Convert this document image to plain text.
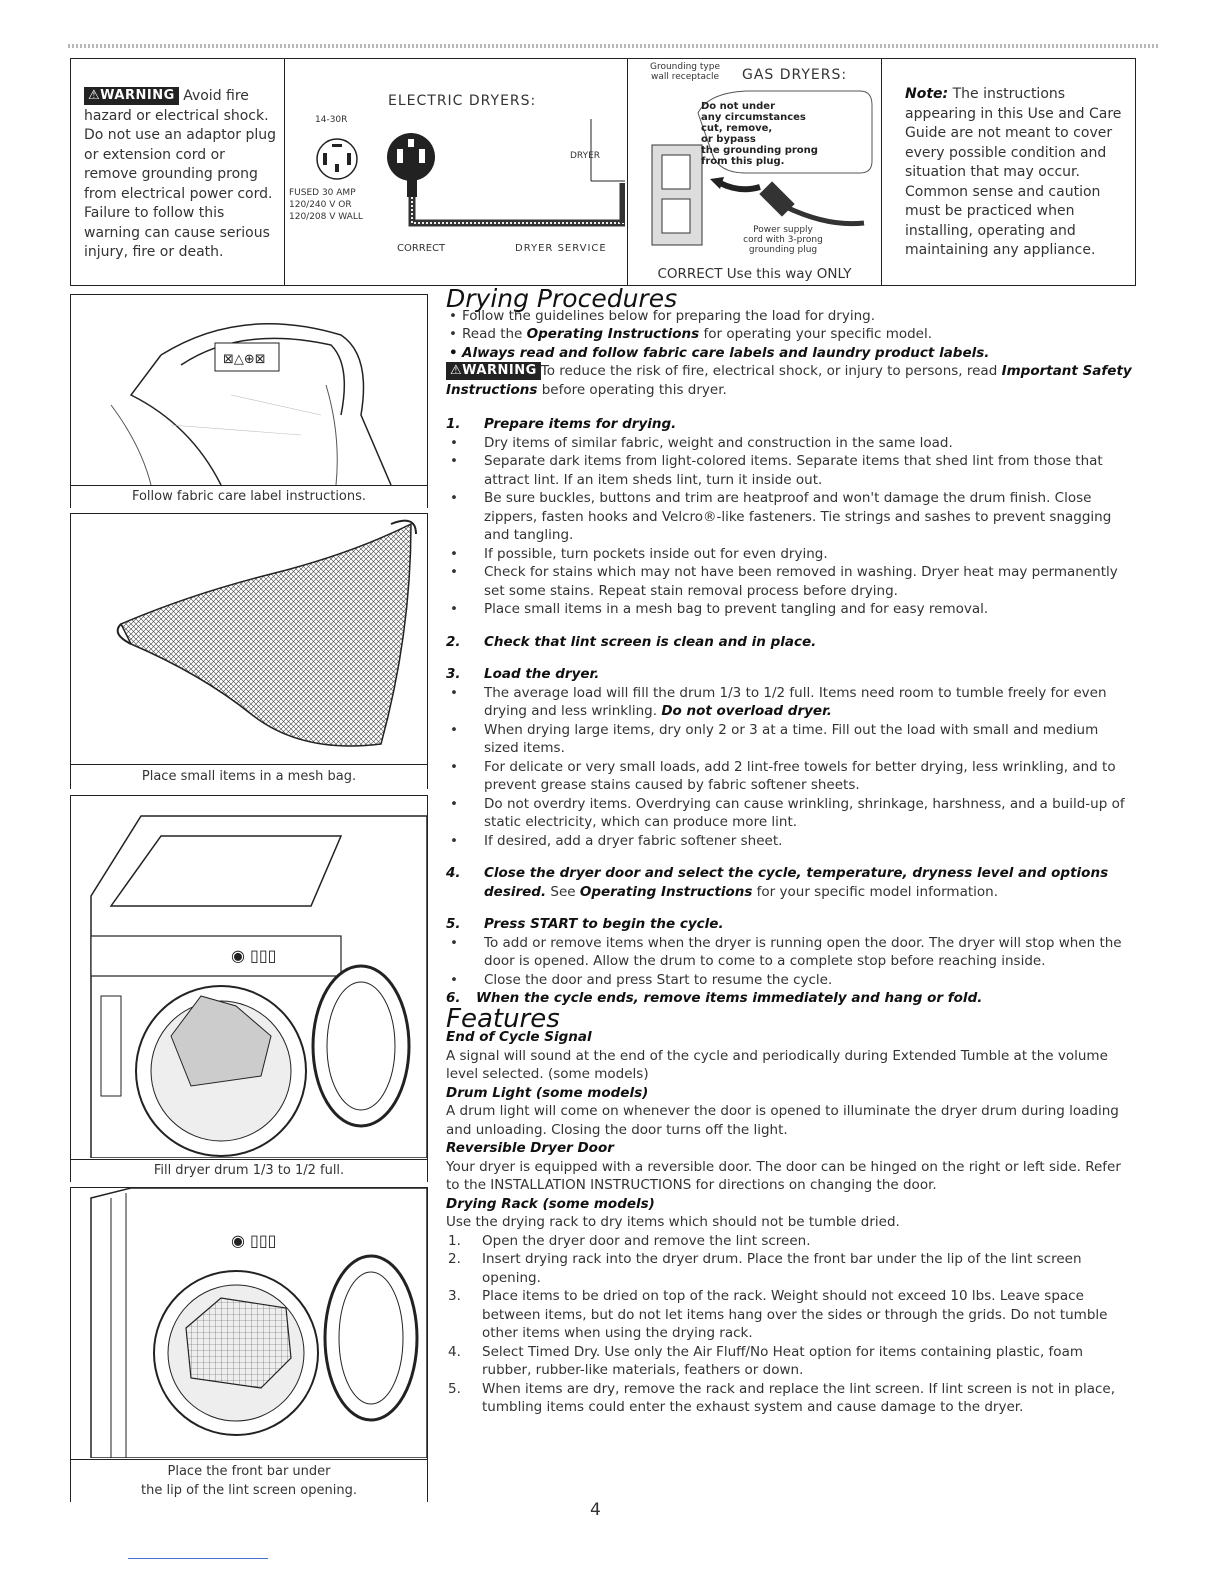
⚠WARNING Avoid fire hazard or electrical shock. Do not use an adaptor plug or extension cord or remove grounding prong from electrical power cord. Failure to follow this warning can cause serious injury, fire or death.
ELECTRIC DRYERS:
14-30R
DRYER
FUSED 30 AMP
120/240 V OR
120/208 V WALL
CORRECT	DRYER SERVICE
Grounding type
wall receptacle GAS DRYERS:
Do not under
any circumstances
cut, remove,
or bypass
the grounding prong
from this plug.
Power supply
cord with 3-prong
grounding plug
CORRECT Use this way ONLY
Note: The instructions appearing in this Use and Care Guide are not meant to cover every possible condition and situation that may occur. Common sense and caution must be practiced when installing, operating and maintaining any appliance.
⊠△⊕⊠
Follow fabric care label instructions.
Place small items in a mesh bag.
◉ ▯▯▯
Fill dryer drum 1/3 to 1/2 full.
◉ ▯▯▯
Place the front bar under
the lip of the lint screen opening.
Drying Procedures
• Follow the guidelines below for preparing the load for drying.
• Read the Operating Instructions for operating your specific model.
• Always read and follow fabric care labels and laundry product labels.
⚠WARNING To reduce the risk of fire, electrical shock, or injury to persons, read Important Safety Instructions before operating this dryer.
1. Prepare items for drying.
• Dry items of similar fabric, weight and construction in the same load.
• Separate dark items from light-colored items. Separate items that shed lint from those that attract lint. If an item sheds lint, turn it inside out.
• Be sure buckles, buttons and trim are heatproof and won't damage the drum finish. Close zippers, fasten hooks and Velcro®-like fasteners. Tie strings and sashes to prevent snagging and tangling.
• If possible, turn pockets inside out for even drying.
• Check for stains which may not have been removed in washing. Dryer heat may permanently set some stains. Repeat stain removal process before drying.
• Place small items in a mesh bag to prevent tangling and for easy removal.
2. Check that lint screen is clean and in place.
3. Load the dryer.
• The average load will fill the drum 1/3 to 1/2 full. Items need room to tumble freely for even drying and less wrinkling. Do not overload dryer.
• When drying large items, dry only 2 or 3 at a time. Fill out the load with small and medium sized items.
• For delicate or very small loads, add 2 lint-free towels for better drying, less wrinkling, and to prevent grease stains caused by fabric softener sheets.
• Do not overdry items. Overdrying can cause wrinkling, shrinkage, harshness, and a build-up of static electricity, which can produce more lint.
• If desired, add a dryer fabric softener sheet.
4. Close the dryer door and select the cycle, temperature, dryness level and options desired. See Operating Instructions for your specific model information.
5. Press START to begin the cycle.
• To add or remove items when the dryer is running open the door. The dryer will stop when the door is opened. Allow the drum to come to a complete stop before reaching inside.
• Close the door and press Start to resume the cycle.
6. When the cycle ends, remove items immediately and hang or fold.
Features
End of Cycle Signal
A signal will sound at the end of the cycle and periodically during Extended Tumble at the volume level selected. (some models)
Drum Light (some models)
A drum light will come on whenever the door is opened to illuminate the dryer drum during loading and unloading. Closing the door turns off the light.
Reversible Dryer Door
Your dryer is equipped with a reversible door. The door can be hinged on the right or left side. Refer to the INSTALLATION INSTRUCTIONS for directions on changing the door.
Drying Rack (some models)
Use the drying rack to dry items which should not be tumble dried.
1. Open the dryer door and remove the lint screen.
2. Insert drying rack into the dryer drum. Place the front bar under the lip of the lint screen opening.
3. Place items to be dried on top of the rack. Weight should not exceed 10 lbs. Leave space between items, but do not let items hang over the sides or through the grids. Do not tumble other items when using the drying rack.
4. Select Timed Dry. Use only the Air Fluff/No Heat option for items containing plastic, foam rubber, rubber-like materials, feathers or down.
5. When items are dry, remove the rack and replace the lint screen. If lint screen is not in place, tumbling items could enter the exhaust system and cause damage to the dryer.
4
